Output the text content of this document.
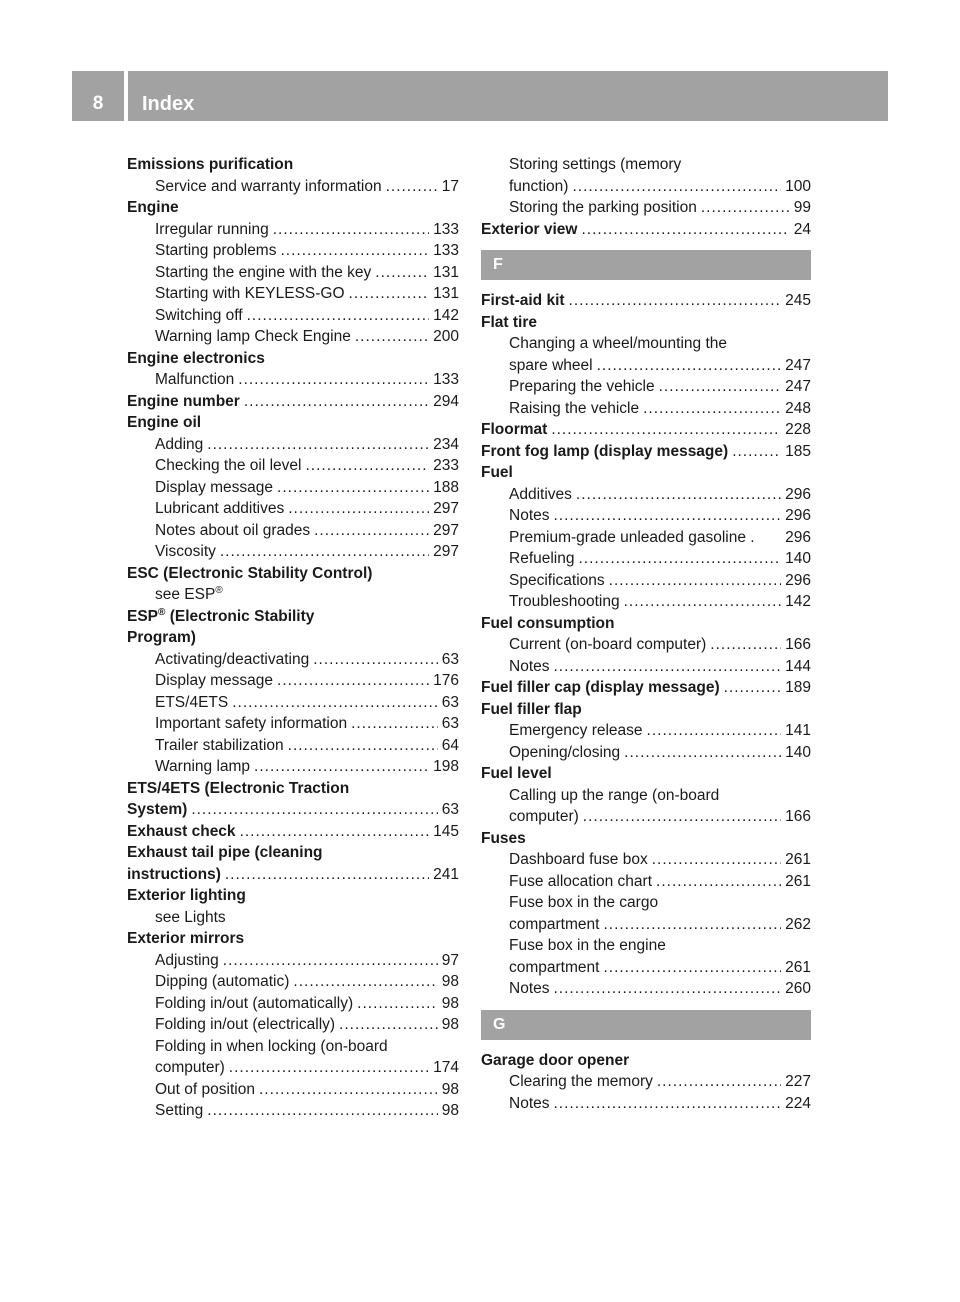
8	Index
Emissions purification
Service and warranty information .....	17
Engine
Irregular running .....	133
Starting problems .....	133
Starting the engine with the key .....	131
Starting with KEYLESS-GO .....	131
Switching off .....	142
Warning lamp Check Engine .....	200
Engine electronics
Malfunction .....	133
Engine number .....	294
Engine oil
Adding .....	234
Checking the oil level .....	233
Display message .....	188
Lubricant additives .....	297
Notes about oil grades .....	297
Viscosity .....	297
ESC (Electronic Stability Control)
see ESP®
ESP® (Electronic Stability
Program)
Activating/deactivating .....	63
Display message .....	176
ETS/4ETS .....	63
Important safety information .....	63
Trailer stabilization .....	64
Warning lamp .....	198
ETS/4ETS (Electronic Traction
System) .....	63
Exhaust check .....	145
Exhaust tail pipe (cleaning
instructions) .....	241
Exterior lighting
see Lights
Exterior mirrors
Adjusting .....	97
Dipping (automatic) .....	98
Folding in/out (automatically) .....	98
Folding in/out (electrically) .....	98
Folding in when locking (on-board
computer) .....	174
Out of position .....	98
Setting .....	98
Storing settings (memory
function) .....	100
Storing the parking position .....	99
Exterior view .....	24
F
First-aid kit .....	245
Flat tire
Changing a wheel/mounting the
spare wheel .....	247
Preparing the vehicle .....	247
Raising the vehicle .....	248
Floormat .....	228
Front fog lamp (display message) .....	185
Fuel
Additives .....	296
Notes .....	296
Premium-grade unleaded gasoline . 296
Refueling .....	140
Specifications .....	296
Troubleshooting .....	142
Fuel consumption
Current (on-board computer) .....	166
Notes .....	144
Fuel filler cap (display message) .....	189
Fuel filler flap
Emergency release .....	141
Opening/closing .....	140
Fuel level
Calling up the range (on-board
computer) .....	166
Fuses
Dashboard fuse box .....	261
Fuse allocation chart .....	261
Fuse box in the cargo
compartment .....	262
Fuse box in the engine
compartment .....	261
Notes .....	260
G
Garage door opener
Clearing the memory .....	227
Notes .....	224
